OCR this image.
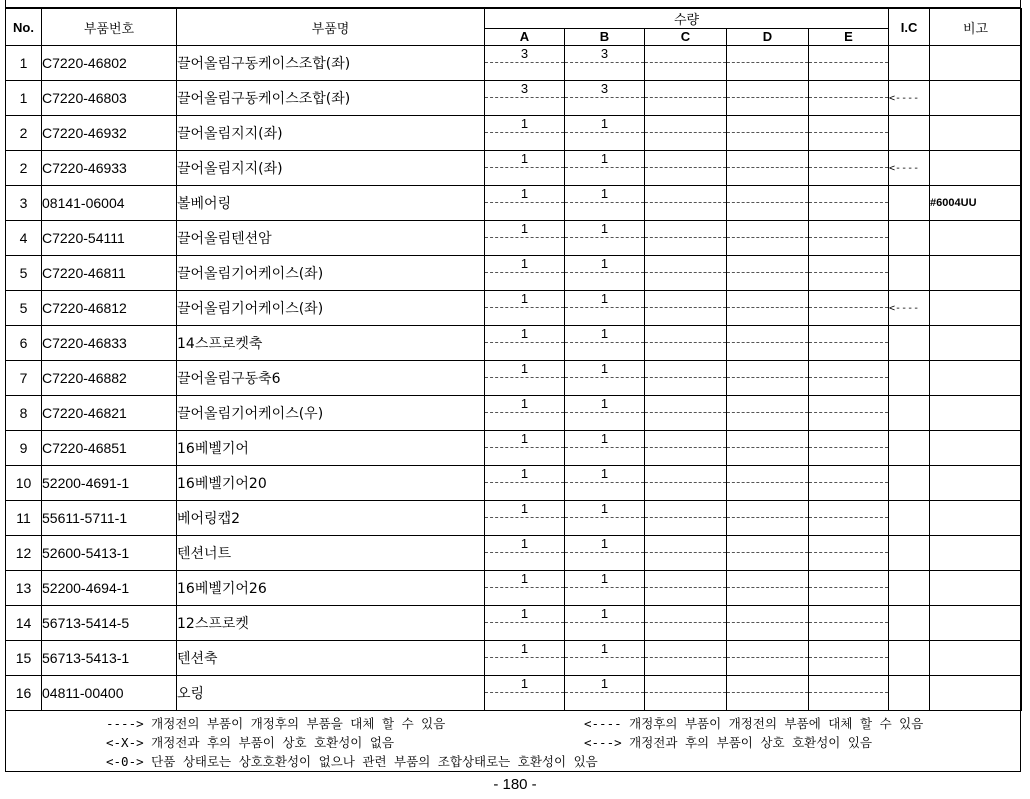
No.	부품번호	부품명	수량					I.C	비고
			A	B	C	D	E		
1	C7220-46802	끌어올림구동케이스조합(좌)	3	3					

1	C7220-46803	끌어올림구동케이스조합(좌)	3	3				<----	
2	C7220-46932	끌어올림지지(좌)	1	1					

2	C7220-46933	끌어올림지지(좌)	1	1				<----	
3	08141-06004	볼베어링	1	1					#6004UU
4	C7220-54111	끌어올림텐션암	1	1					

5	C7220-46811	끌어올림기어케이스(좌)	1	1					

5	C7220-46812	끌어올림기어케이스(좌)	1	1				<----	
6	C7220-46833	14스프로켓축	1	1					

7	C7220-46882	끌어올림구동축6	1	1					

8	C7220-46821	끌어올림기어케이스(우)	1	1					

9	C7220-46851	16베벨기어	1	1					

10	52200-4691-1	16베벨기어20	1	1					

11	55611-5711-1	베어링캡2	1	1					

12	52600-5413-1	텐션너트	1	1					

13	52200-4694-1	16베벨기어26	1	1					

14	56713-5414-5	12스프로켓	1	1					

15	56713-5413-1	텐션축	1	1					

16	04811-00400	오링	1	1					

----> 개정전의 부품이 개정후의 부품을 대체 할 수 있음	<---- 개정후의 부품이 개정전의 부품에 대체 할 수 있음
<-X-> 개정전과 후의 부품이 상호 호환성이 없음	<---> 개정전과 후의 부품이 상호 호환성이 있음
<-0-> 단품 상태로는 상호호환성이 없으나 관련 부품의 조합상태로는 호환성이 있음
- 180 -
